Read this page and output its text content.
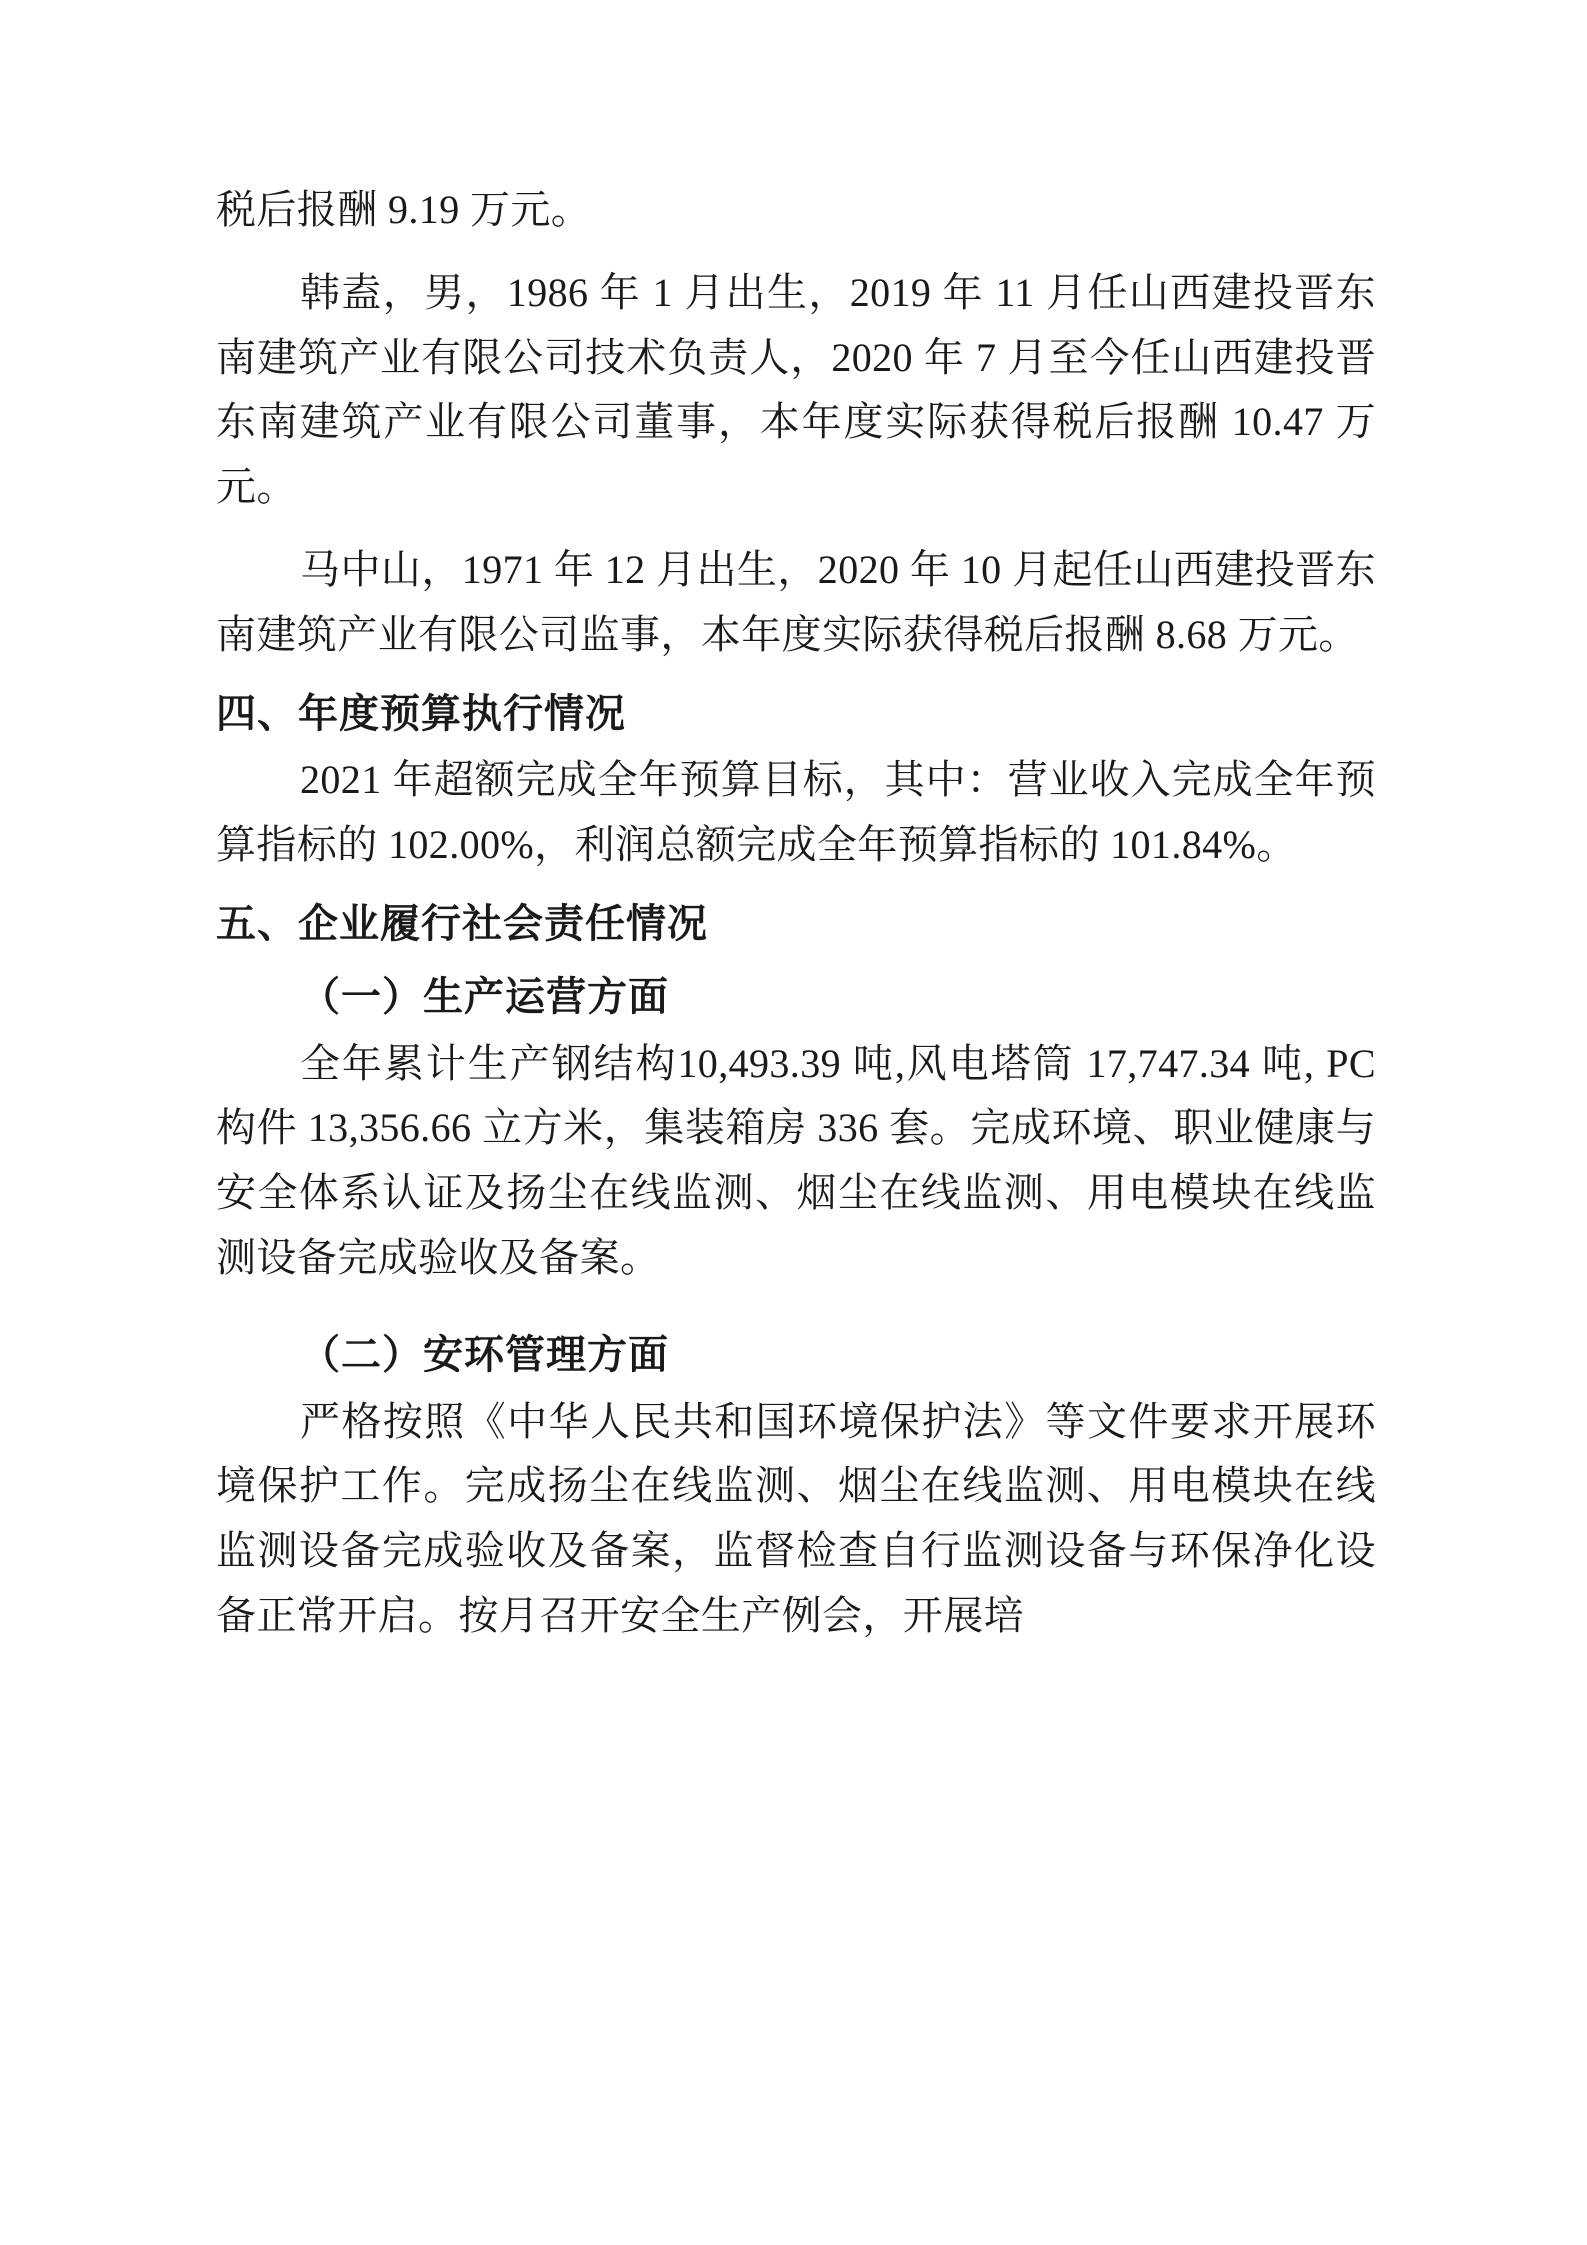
税后报酬 9.19 万元。

韩盍，男，1986 年 1 月出生，2019 年 11 月任山西建投晋东南建筑产业有限公司技术负责人，2020 年 7 月至今任山西建投晋东南建筑产业有限公司董事，本年度实际获得税后报酬 10.47 万元。

马中山，1971 年 12 月出生，2020 年 10 月起任山西建投晋东南建筑产业有限公司监事，本年度实际获得税后报酬 8.68 万元。

四、年度预算执行情况

2021 年超额完成全年预算目标，其中：营业收入完成全年预算指标的 102.00%，利润总额完成全年预算指标的 101.84%。

五、企业履行社会责任情况
（一）生产运营方面

全年累计生产钢结构10,493.39 吨,风电塔筒 17,747.34 吨, PC 构件 13,356.66 立方米，集装箱房 336 套。完成环境、职业健康与安全体系认证及扬尘在线监测、烟尘在线监测、用电模块在线监测设备完成验收及备案。

（二）安环管理方面

严格按照《中华人民共和国环境保护法》等文件要求开展环境保护工作。完成扬尘在线监测、烟尘在线监测、用电模块在线监测设备完成验收及备案，监督检查自行监测设备与环保净化设备正常开启。按月召开安全生产例会，开展培
